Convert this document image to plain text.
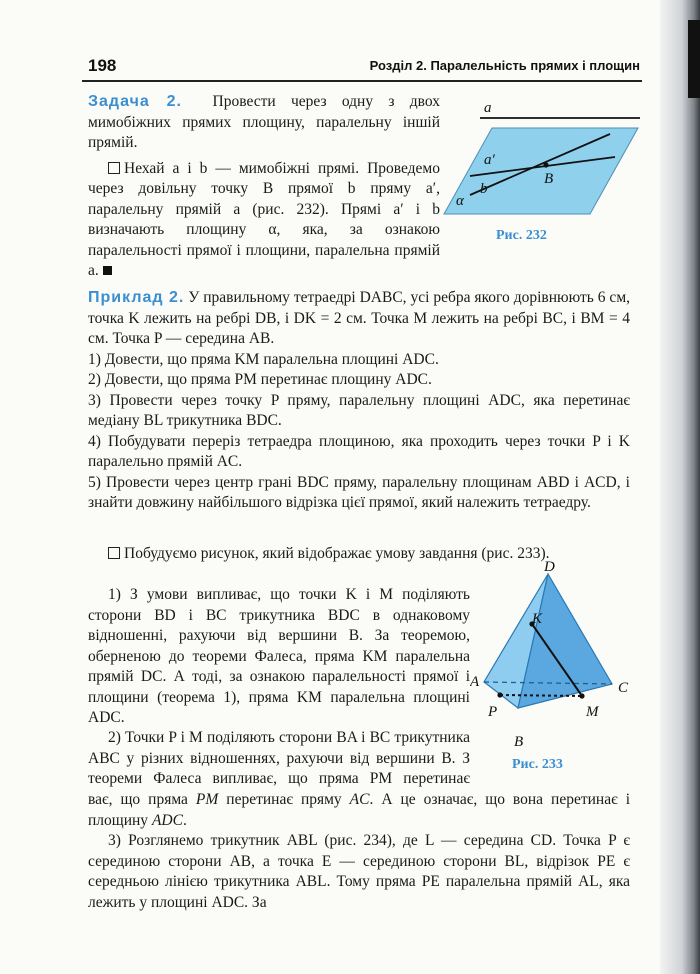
198	Розділ 2. Паралельність прямих і площин

Задача 2. Провести через одну з двох мимобіжних прямих площину, паралельну іншій прямій.

Нехай a і b — мимобіжні прямі. Проведемо через довільну точку B прямої b пряму a′, паралельну прямій a (рис. 232). Прямі a′ і b визначають площину α, яка, за ознакою паралельності прямої і площини, паралельна прямій a.

a
a′
b
B
α
Рис. 232

Приклад 2. У правильному тетраедрі DABC, усі ребра якого дорівнюють 6 см, точка K лежить на ребрі DB, і DK = 2 см. Точка M лежить на ребрі BC, і BM = 4 см. Точка P — середина AB.

1) Довести, що пряма KM паралельна площині ADC.

2) Довести, що пряма PM перетинає площину ADC.

3) Провести через точку P пряму, паралельну площині ADC, яка перетинає медіану BL трикутника BDC.

4) Побудувати переріз тетраедра площиною, яка проходить через точки P і K паралельно прямій AC.

5) Провести через центр грані BDC пряму, паралельну площинам ABD і ACD, і знайти довжину найбільшого відрізка цієї прямої, який належить тетраедру.

Побудуємо рисунок, який відображає умову завдання (рис. 233).

1) З умови випливає, що точки K і M поділяють сторони BD і BC трикутника BDC в однаковому відношенні, рахуючи від вершини B. За теоремою, оберненою до теореми Фалеса, пряма KM паралельна прямій DC. А тоді, за ознакою паралельності прямої і площини (теорема 1), пряма KM паралельна площині ADC.

2) Точки P і M поділяють сторони BA і BC трикутника ABC у різних відношеннях, рахуючи від вершини B. З теореми Фалеса випливає, що пряма PM перетинає

ває, що пряма PM перетинає пряму AC. А це означає, що вона перетинає і площину ADC.

3) Розглянемо трикутник ABL (рис. 234), де L — середина CD. Точка P є серединою сторони AB, а точка E — серединою сторони BL, відрізок PE є середньою лінією трикутника ABL. Тому пряма PE паралельна прямій AL, яка лежить у площині ADC. За

D
K
A	C
P	M
B
Рис. 233
